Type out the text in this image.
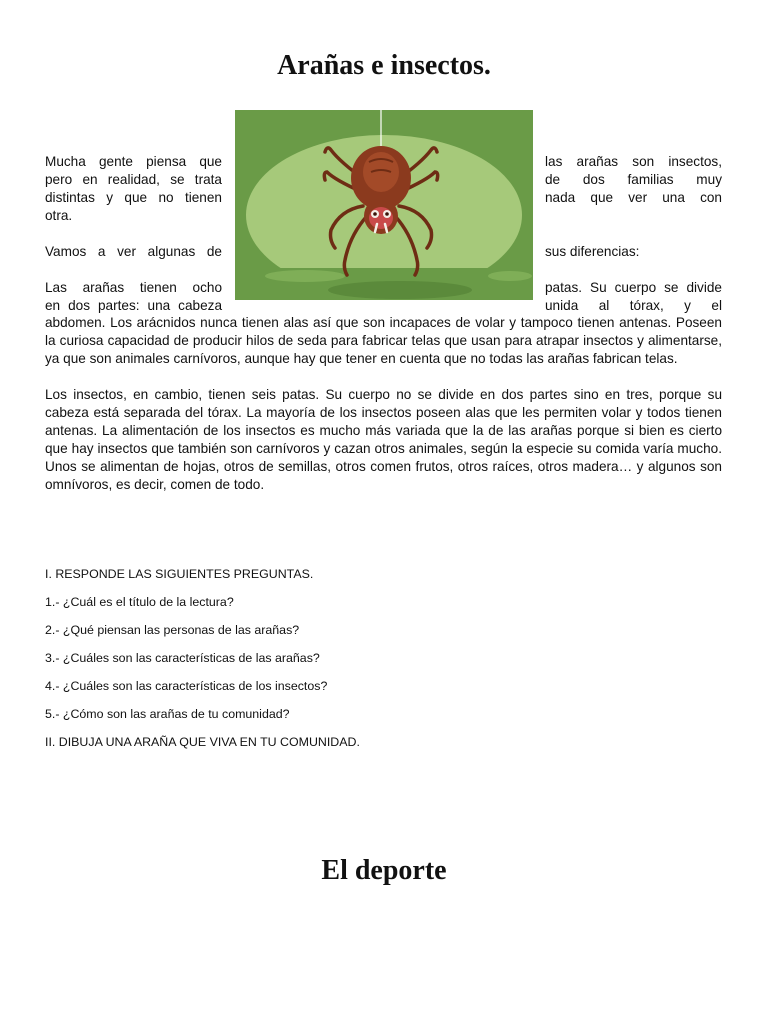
Arañas e insectos.

Mucha gente piensa que
pero en realidad, se trata
distintas y que no tienen
otra.

Vamos a ver algunas de

Las arañas tienen ocho
en dos partes: una cabeza

las arañas son insectos,
de dos familias muy
nada que ver una con

sus diferencias:

patas. Su cuerpo se divide
unida al tórax, y el

abdomen. Los arácnidos nunca tienen alas así que son incapaces de volar y tampoco tienen antenas. Poseen la curiosa capacidad de producir hilos de seda para fabricar telas que usan para atrapar insectos y alimentarse, ya que son animales carnívoros, aunque hay que tener en cuenta que no todas las arañas fabrican telas.

Los insectos, en cambio, tienen seis patas. Su cuerpo no se divide en dos partes sino en tres, porque su cabeza está separada del tórax. La mayoría de los insectos poseen alas que les permiten volar y todos tienen antenas. La alimentación de los insectos es mucho más variada que la de las arañas porque si bien es cierto que hay insectos que también son carnívoros y cazan otros animales, según la especie su comida varía mucho. Unos se alimentan de hojas, otros de semillas, otros comen frutos, otros raíces, otros madera… y algunos son omnívoros, es decir, comen de todo.

I. RESPONDE LAS SIGUIENTES PREGUNTAS.
1.- ¿Cuál es el título de la lectura?
2.- ¿Qué piensan las personas de las arañas?
3.- ¿Cuáles son las características de las arañas?
4.- ¿Cuáles son las características de los insectos?
5.- ¿Cómo son las arañas de tu comunidad?
II. DIBUJA UNA ARAÑA QUE VIVA EN TU COMUNIDAD.
El deporte
